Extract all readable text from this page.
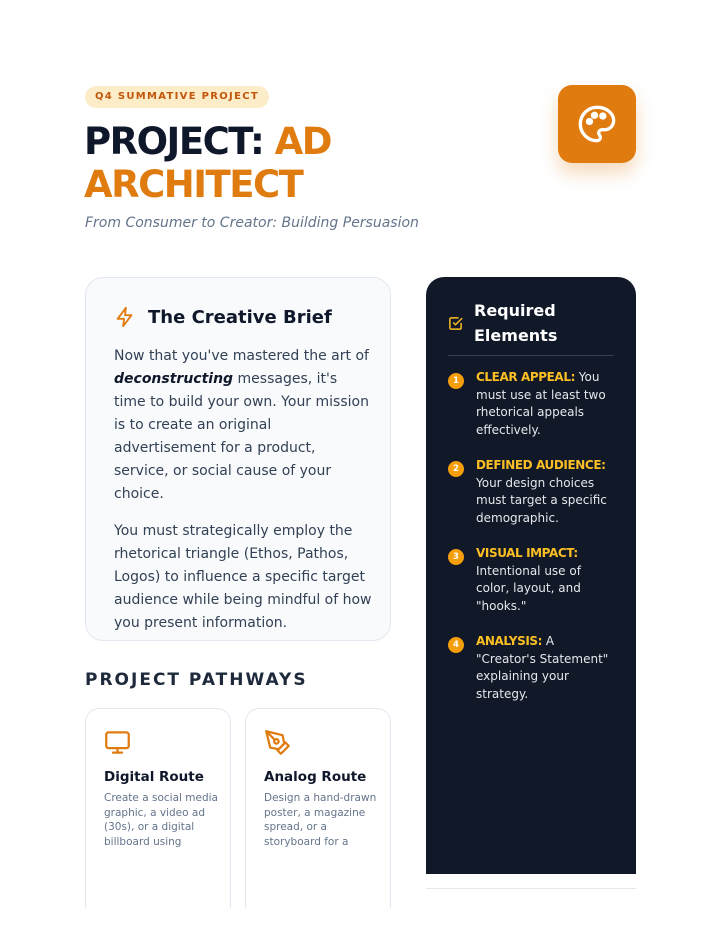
Q4 SUMMATIVE PROJECT
PROJECT: AD
ARCHITECT
From Consumer to Creator: Building Persuasion
The Creative Brief

Now that you've mastered the art of deconstructing messages, it's time to build your own. Your mission is to create an original advertisement for a product, service, or social cause of your choice.

You must strategically employ the rhetorical triangle (Ethos, Pathos, Logos) to influence a specific target audience while being mindful of how you present information.

PROJECT PATHWAYS
Digital Route
Create a social media graphic, a video ad (30s), or a digital billboard using
Analog Route
Design a hand-drawn poster, a magazine spread, or a storyboard for a
Required Elements
1	CLEAR APPEAL: You must use at least two rhetorical appeals effectively.
2	DEFINED AUDIENCE: Your design choices must target a specific demographic.
3	VISUAL IMPACT: Intentional use of color, layout, and "hooks."
4	ANALYSIS: A "Creator's Statement" explaining your strategy.
